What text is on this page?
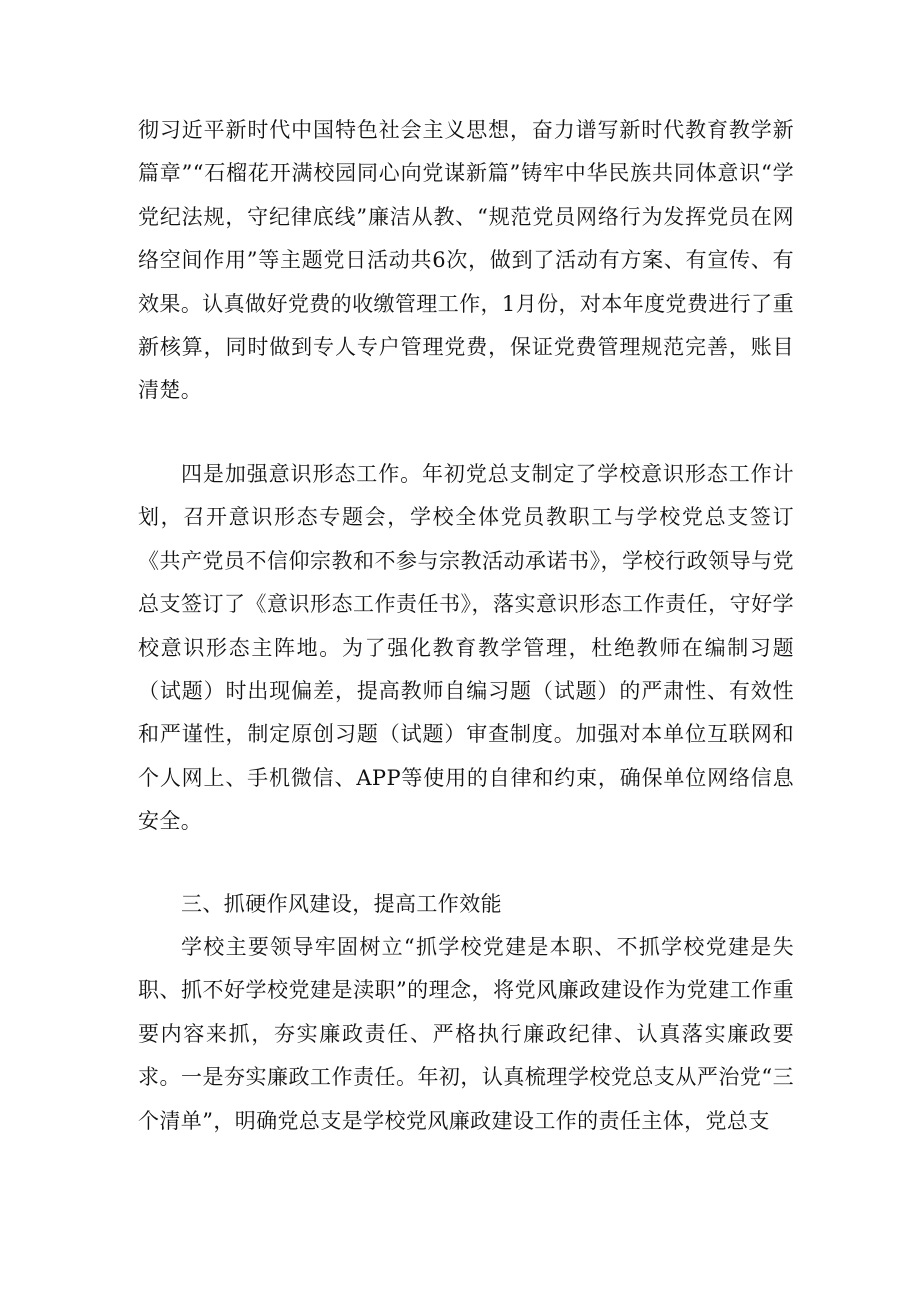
彻习近平新时代中国特色社会主义思想，奋力谱写新时代教育教学新篇章”“石榴花开满校园同心向党谋新篇”铸牢中华民族共同体意识“学党纪法规，守纪律底线”廉洁从教、“规范党员网络行为发挥党员在网络空间作用”等主题党日活动共6次，做到了活动有方案、有宣传、有效果。认真做好党费的收缴管理工作，1月份，对本年度党费进行了重新核算，同时做到专人专户管理党费，保证党费管理规范完善，账目清楚。

四是加强意识形态工作。年初党总支制定了学校意识形态工作计划，召开意识形态专题会，学校全体党员教职工与学校党总支签订《共产党员不信仰宗教和不参与宗教活动承诺书》，学校行政领导与党总支签订了《意识形态工作责任书》，落实意识形态工作责任，守好学校意识形态主阵地。为了强化教育教学管理，杜绝教师在编制习题（试题）时出现偏差，提高教师自编习题（试题）的严肃性、有效性和严谨性，制定原创习题（试题）审查制度。加强对本单位互联网和个人网上、手机微信、APP等使用的自律和约束，确保单位网络信息安全。

三、抓硬作风建设，提高工作效能

学校主要领导牢固树立“抓学校党建是本职、不抓学校党建是失职、抓不好学校党建是渎职”的理念，将党风廉政建设作为党建工作重要内容来抓，夯实廉政责任、严格执行廉政纪律、认真落实廉政要求。一是夯实廉政工作责任。年初，认真梳理学校党总支从严治党“三个清单”，明确党总支是学校党风廉政建设工作的责任主体，党总支
